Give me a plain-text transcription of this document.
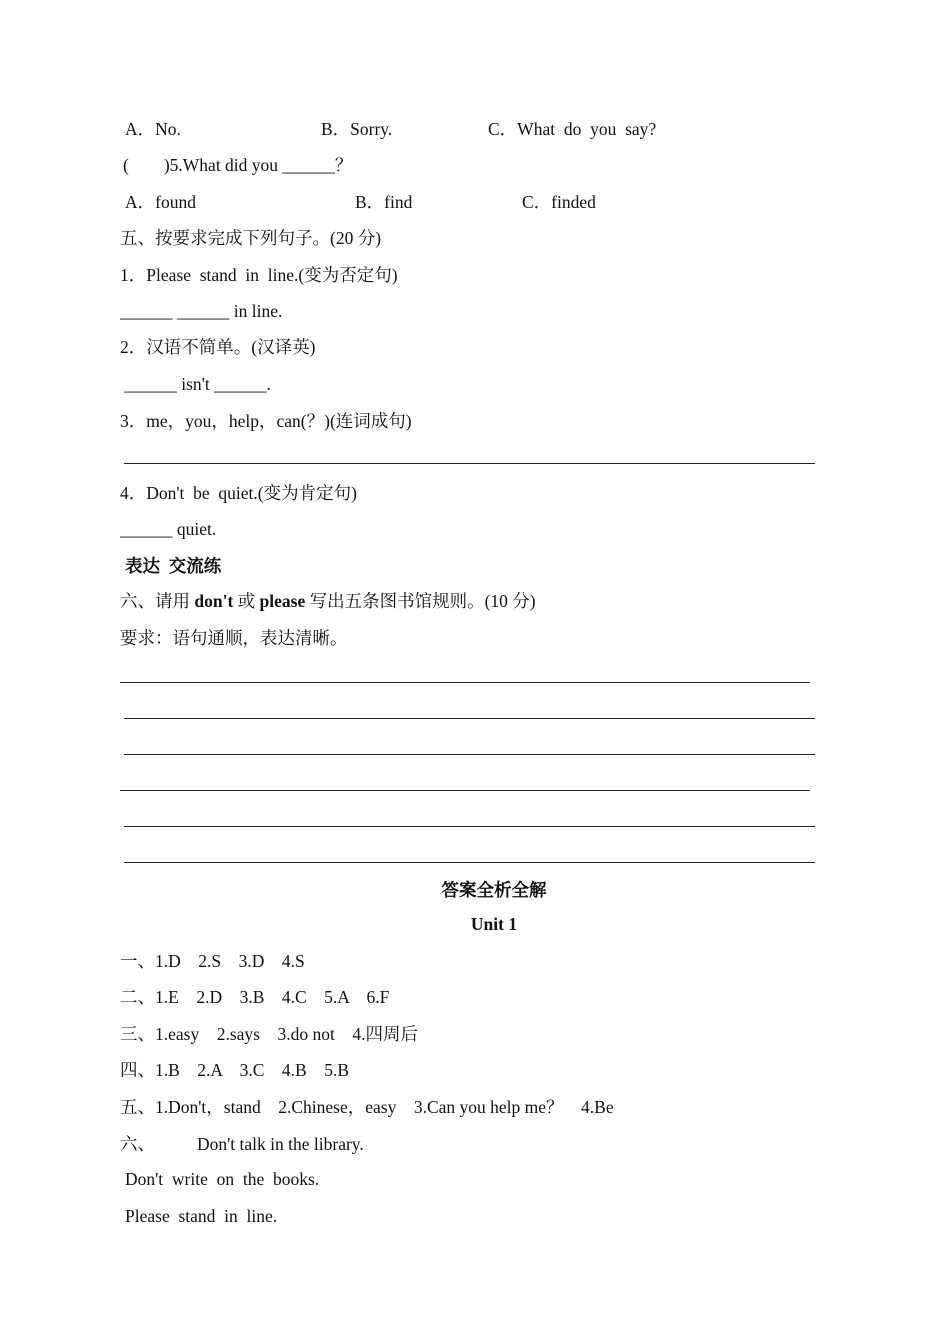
A．No.	B．Sorry.	C．What  do  you  say?
(        )5.What did you ______？
A．found	B．find	C．finded
五、按要求完成下列句子。(20 分)
1．Please  stand  in  line.(变为否定句)
______ ______ in line.
2．汉语不简单。(汉译英)
______ isn't ______.
3．me，you，help，can(？)(连词成句)
4．Don't  be  quiet.(变为肯定句)
______ quiet.
表达  交流练
六、请用 don't 或 please 写出五条图书馆规则。(10 分)
要求：语句通顺，表达清晰。
答案全析全解
Unit 1
一、1.D    2.S    3.D    4.S
二、1.E    2.D    3.B    4.C    5.A    6.F
三、1.easy    2.says    3.do not    4.四周后
四、1.B    2.A    3.C    4.B    5.B
五、1.Don't，stand    2.Chinese，easy    3.Can you help me？    4.Be
六、 Don't talk in the library.
Don't  write  on  the  books.
Please  stand  in  line.
